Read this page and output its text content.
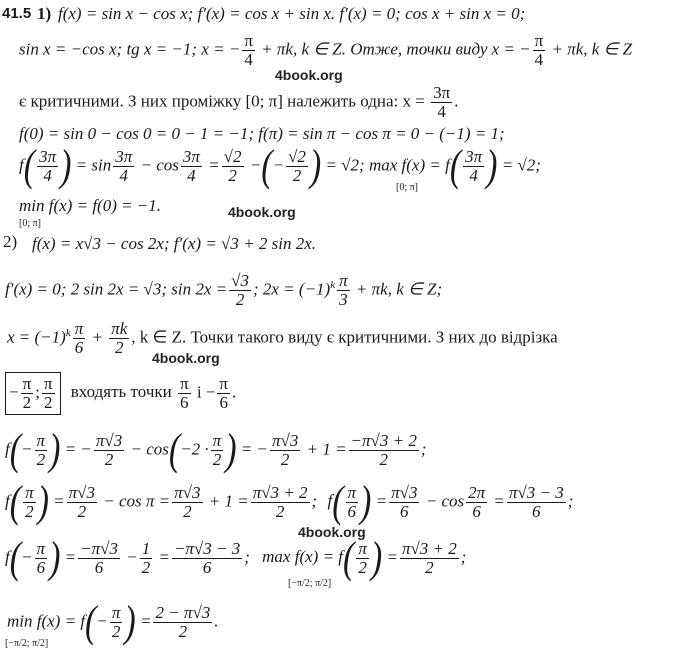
41.5 1) f(x) = sin x − cos x; f′(x) = cos x + sin x. f′(x) = 0; cos x + sin x = 0;
sin x = −cos x; tg x = −1; x = − $\frac{\pi}{4} + \pi k$, k ∈ Z. Отже, точки виду x = − $\frac{\pi}{4} + \pi k$, k ∈ Z
4book.org
є критичними. З них проміжку [0; π] належить одна: $x = \frac{3\pi}{4}$ .
f(0) = sin 0 − cos 0 = 0 − 1 = −1; f(π) = sin π − cos π = 0 − (−1) = 1;
$f( \frac{3\pi}{4}$ ) = $\sin \frac{3\pi}{4} - \cos \frac{3\pi}{4} = \frac{√2}{2}$ −(− $\frac{√2}{2}$ ) = √2; $\max f(x) = f( \frac{3\pi}{4}$ ) = √2;
[0; π]
min f(x) = f(0) = −1.
[0; π]
4book.org
2) f(x) = x√3 − cos 2x; f′(x) = √3 + 2 sin 2x.
f′(x) = 0; 2 sin 2x = √3; $\sin 2x = \frac{√3}{2}$ ; $2x = (-1)^k \frac{\pi}{3} + \pi k$, k ∈ Z;
$x = (-1)^k \frac{\pi}{6} + \frac{\pi k}{2}$ , k ∈ Z. Точки такого виду є критичними. З них до відрізка
4book.org
− $\frac{\pi}{2}$ ; $\frac{\pi}{2}$ входять точки $\frac{\pi}{6}$ $і - \frac{\pi}{6}$ .
$f(- \frac{\pi}{2}$ ) = − $\frac{\pi√3}{2} - \cos(-2 \cdot \frac{\pi}{2}$ ) = − $\frac{\pi√3}{2} + 1 = \frac{-\pi√3 + 2}{2}$ ;
$f( \frac{\pi}{2}$ ) = $\frac{\pi√3}{2} - \cos \pi = \frac{\pi√3}{2} + 1 = \frac{\pi√3 + 2}{2}$ ; $f( \frac{\pi}{6}$ ) = $\frac{\pi√3}{6} - \cos \frac{2\pi}{6} = \frac{\pi√3 - 3}{6}$ ;
4book.org
$f(- \frac{\pi}{6}$ ) = $\frac{-\pi√3}{6} - \frac{1}{2} = \frac{-\pi√3 - 3}{6}$ ; $\max f(x) = f( \frac{\pi}{2}$ ) = $\frac{\pi√3 + 2}{2}$ ;
[−π/2; π/2]
$\min f(x) = f(- \frac{\pi}{2}$ ) = $\frac{2 - \pi√3}{2}$ .
[−π/2; π/2]
